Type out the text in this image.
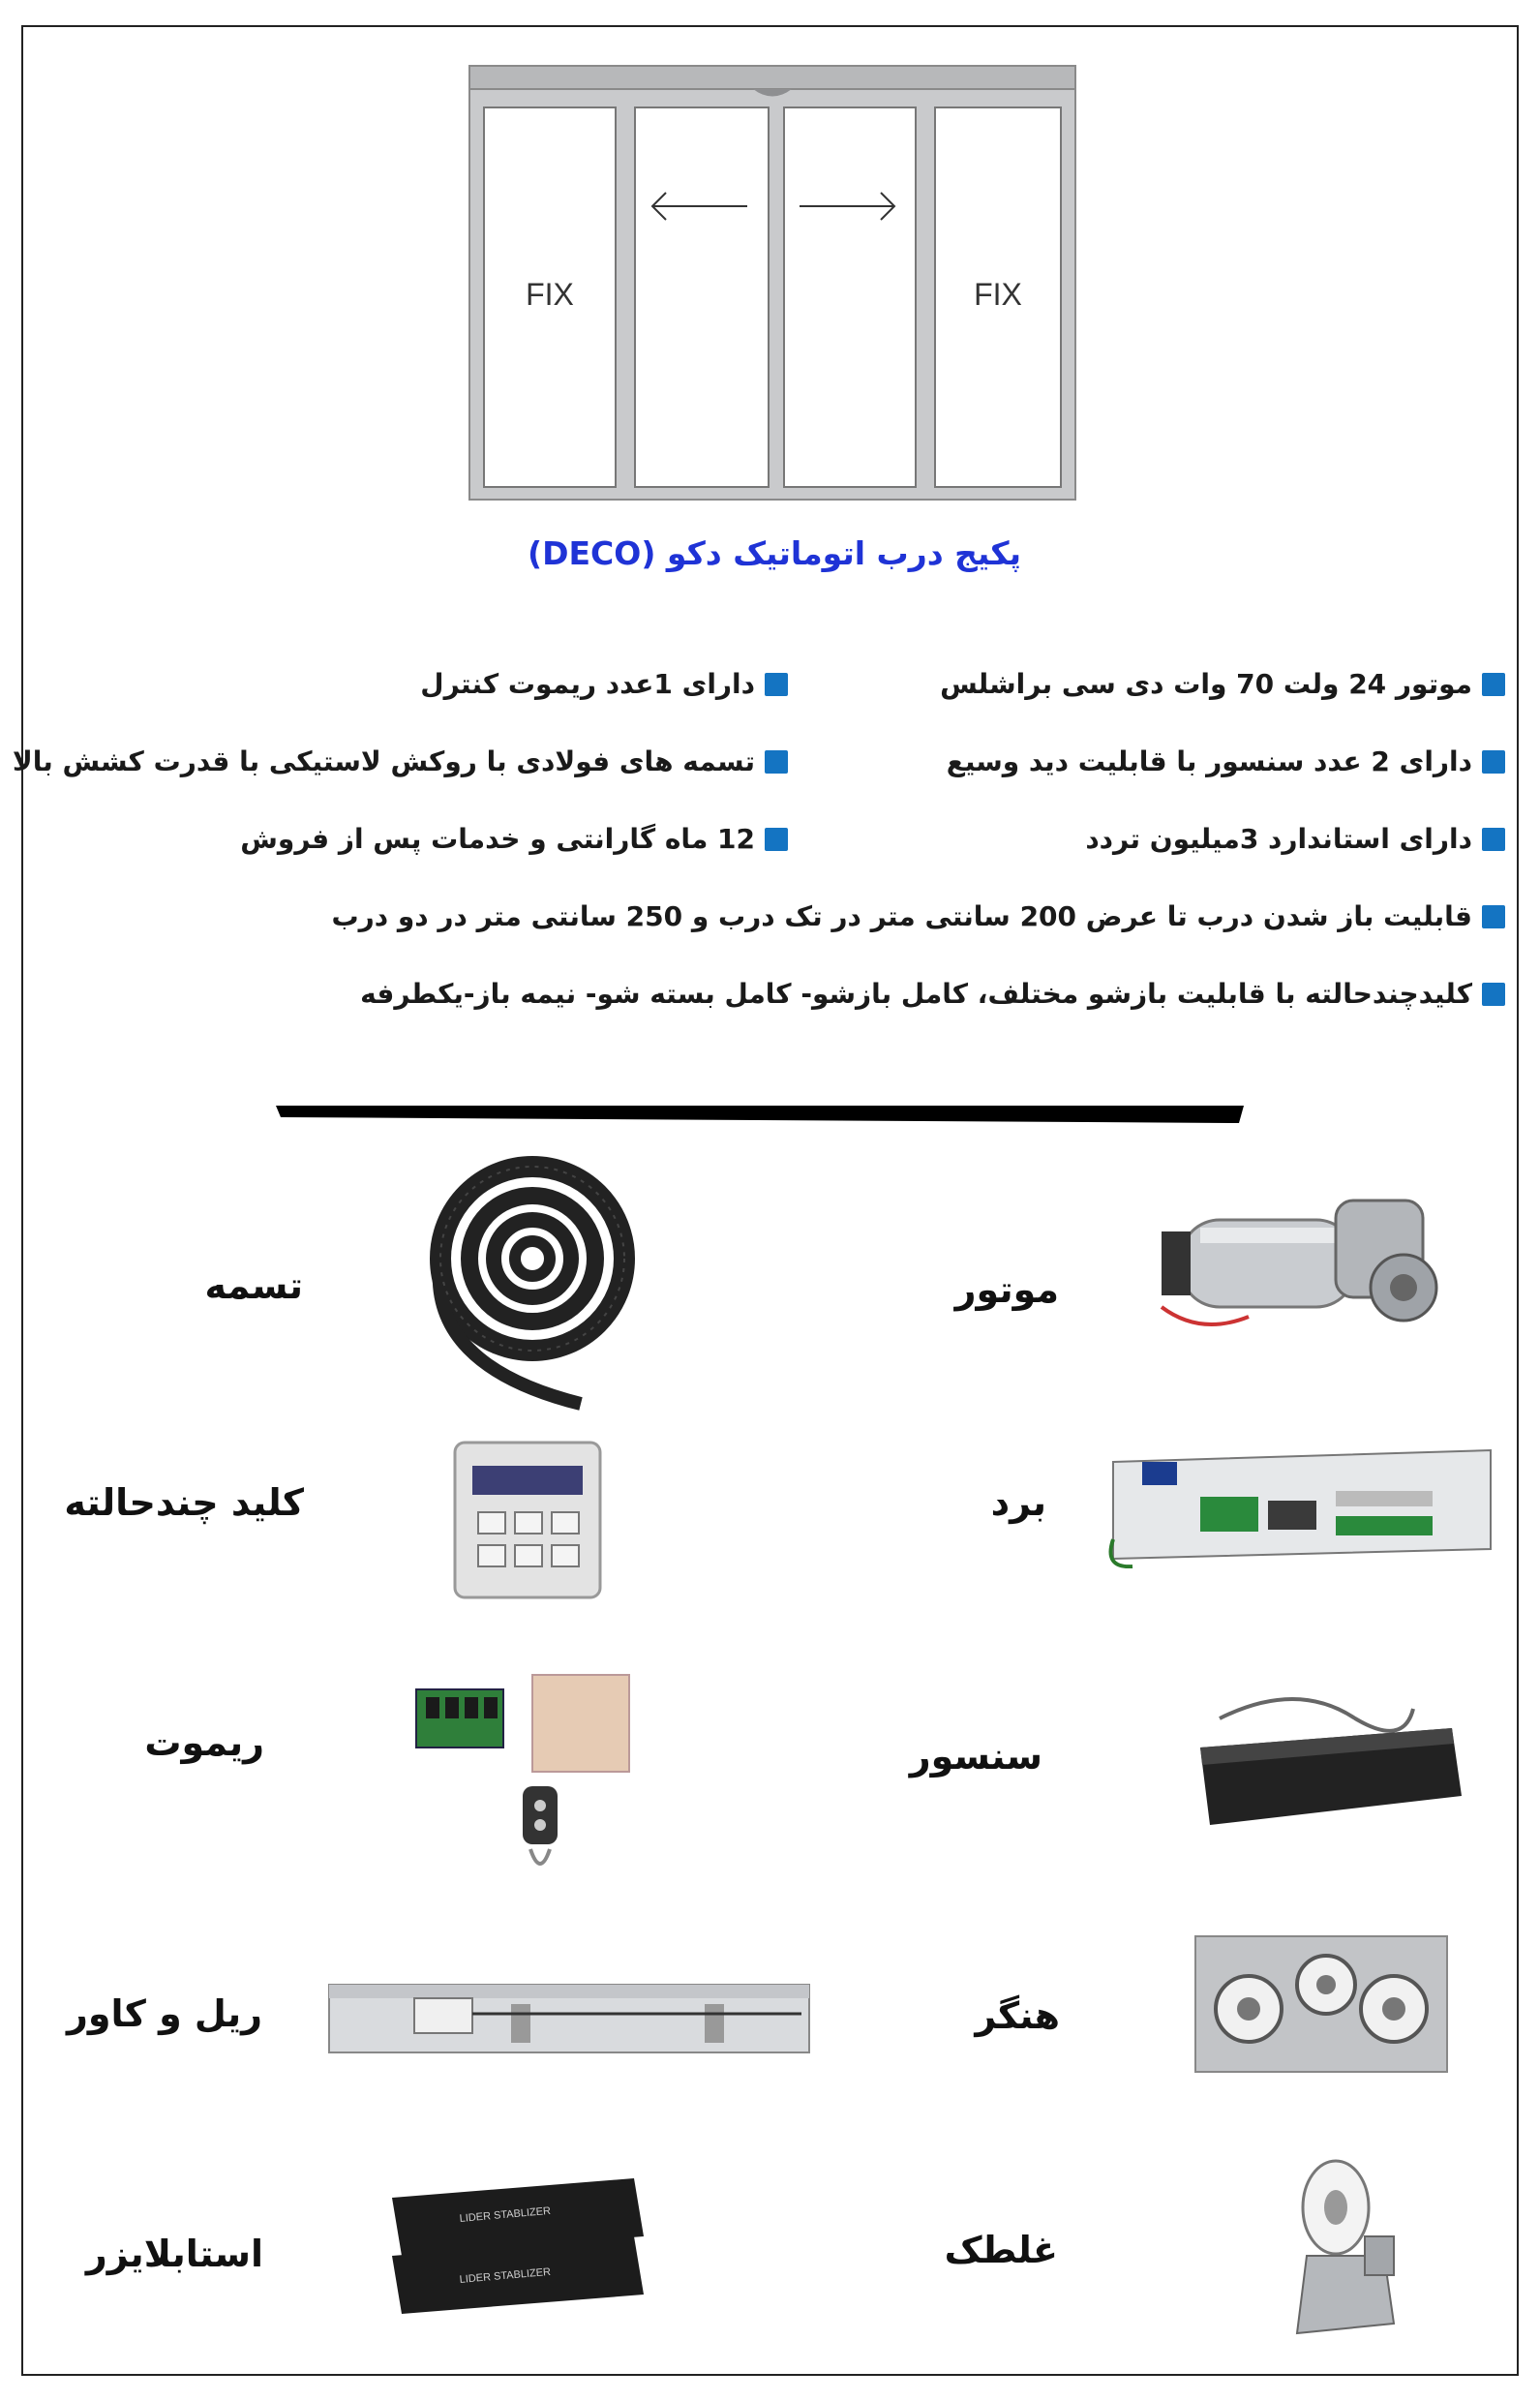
FIX	FIX
پکیج درب اتوماتیک دکو (DECO)
موتور 24 ولت 70 وات دی سی براشلس
دارای 2 عدد سنسور با قابلیت دید وسیع
دارای استاندارد 3میلیون تردد
دارای 1عدد ریموت کنترل
تسمه های فولادی با روکش لاستیکی با قدرت کشش بالا
12 ماه گارانتی و خدمات پس از فروش
قابلیت باز شدن درب تا عرض 200 سانتی متر در تک درب و 250 سانتی متر در دو درب
کلیدچندحالته با قابلیت بازشو مختلف، کامل بازشو- کامل بسته شو- نیمه باز-یکطرفه
موتور
تسمه
برد
کلید چندحالته
سنسور
ریموت
هنگر
ریل و کاور
غلطک
استابلایزر
LIDER STABLIZER
LIDER STABLIZER
